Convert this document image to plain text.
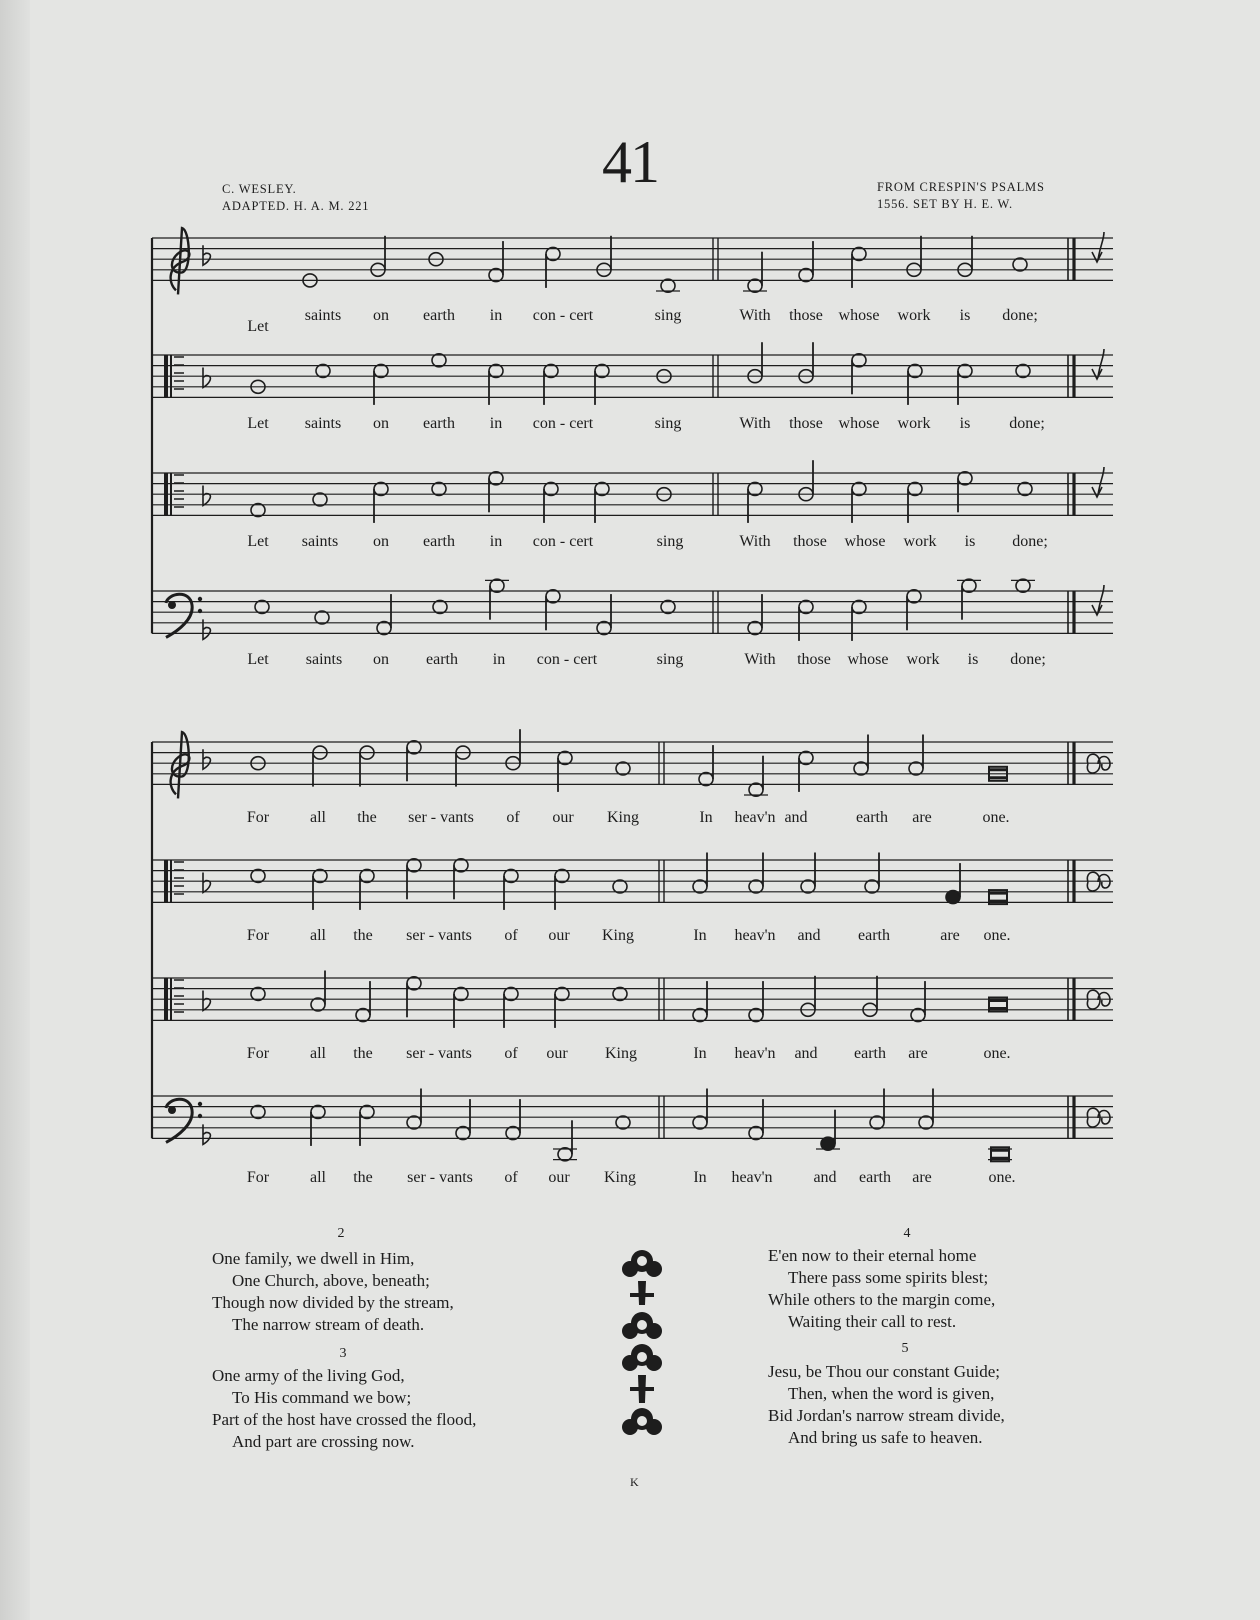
41
C. WESLEY.
ADAPTED. H. A. M. 221
FROM CRESPIN'S PSALMS
1556. SET BY H. E. W.
Let
saints on earth in con - cert	sing	With those whose work is done;
Let saints on earth in con - cert	sing	With those whose work is done;
Let saints on earth in con - cert	sing	With those whose work is done;
Let saints on earth in con - cert	sing	With those whose work is done;
For	all the ser - vants of our King	In heav'n and	earth are	one.
For	all the ser - vants of our King	In heav'n and earth	are one.
For	all the ser - vants of our King	In heav'n and earth are	one.
For	all the ser - vants of our King	In heav'n	and earth are	one.
2
One family, we dwell in Him,
One Church, above, beneath;
Though now divided by the stream,
The narrow stream of death.
3
One army of the living God,
To His command we bow;
Part of the host have crossed the flood,
And part are crossing now.
4
E'en now to their eternal home
There pass some spirits blest;
While others to the margin come,
Waiting their call to rest.
5
Jesu, be Thou our constant Guide;
Then, when the word is given,
Bid Jordan's narrow stream divide,
And bring us safe to heaven.
K
